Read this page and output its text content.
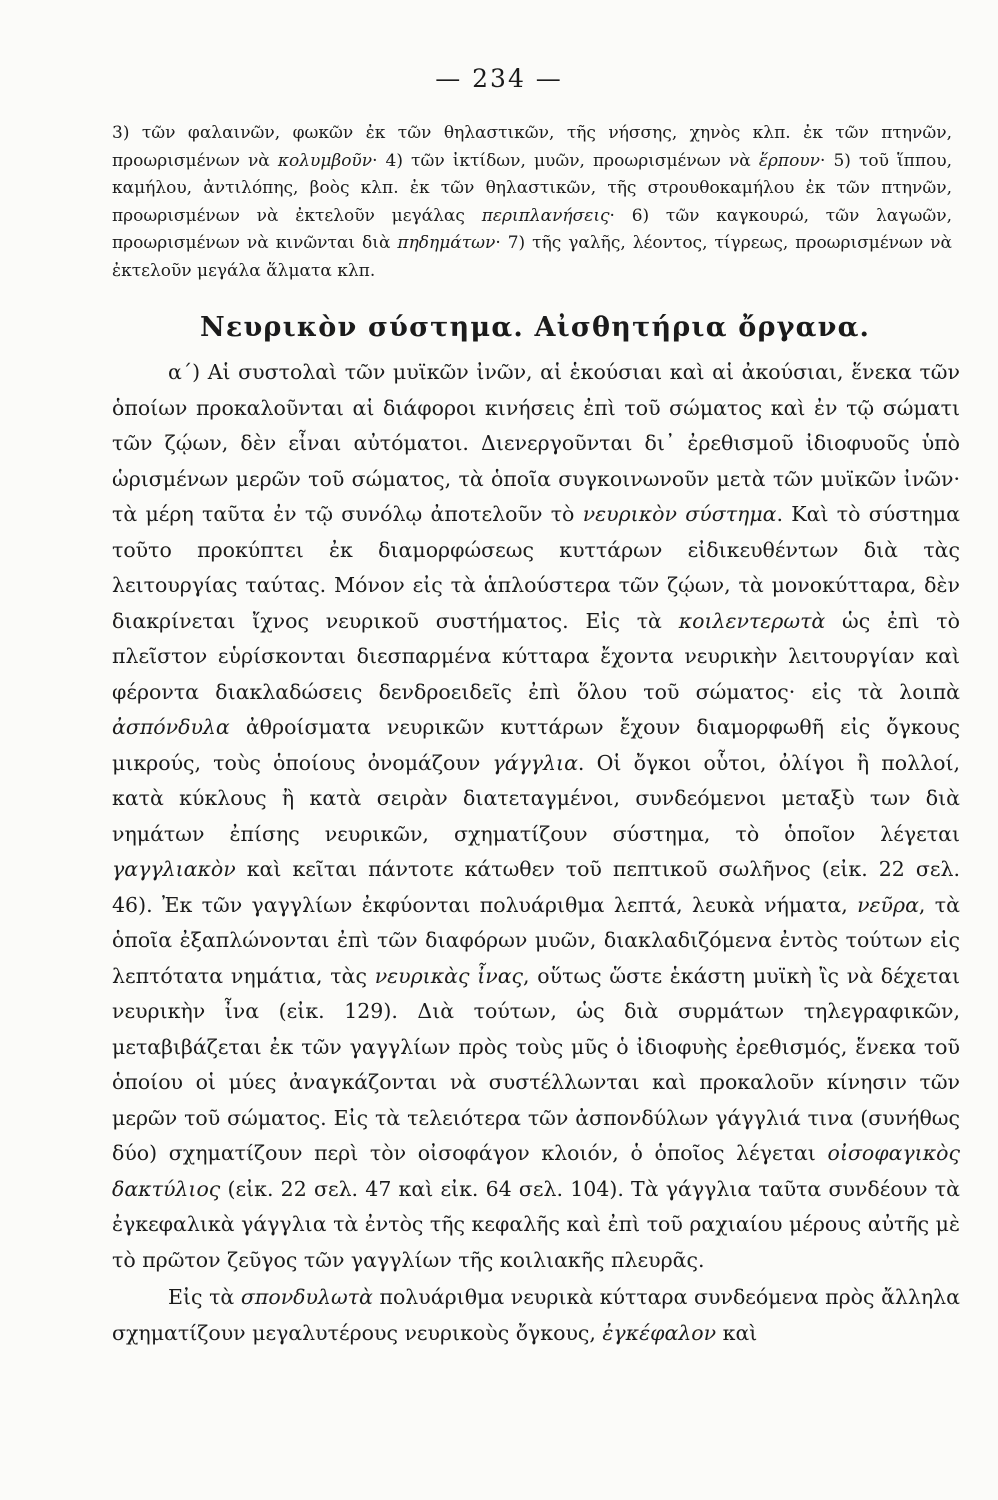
— 234 —

3) τῶν φαλαινῶν, φωκῶν ἐκ τῶν θηλαστικῶν, τῆς νήσσης, χηνὸς κλπ. ἐκ τῶν πτηνῶν, προωρισμένων νὰ κολυμβοῦν· 4) τῶν ἰκτίδων, μυῶν, προωρισμένων νὰ ἕρπουν· 5) τοῦ ἵππου, καμήλου, ἀντιλόπης, βοὸς κλπ. ἐκ τῶν θηλαστικῶν, τῆς στρουθοκαμήλου ἐκ τῶν πτηνῶν, προωρισμένων νὰ ἐκτελοῦν μεγάλας περιπλανήσεις· 6) τῶν καγκουρώ, τῶν λαγωῶν, προωρισμένων νὰ κινῶνται διὰ πηδημάτων· 7) τῆς γαλῆς, λέοντος, τίγρεως, προωρισμένων νὰ ἐκτελοῦν μεγάλα ἅλματα κλπ.

Νευρικὸν σύστημα. Αἰσθητήρια ὄργανα.

α΄) Αἱ συστολαὶ τῶν μυϊκῶν ἰνῶν, αἱ ἑκούσιαι καὶ αἱ ἀκούσιαι, ἕνεκα τῶν ὁποίων προκαλοῦνται αἱ διάφοροι κινήσεις ἐπὶ τοῦ σώματος καὶ ἐν τῷ σώματι τῶν ζῴων, δὲν εἶναι αὐτόματοι. Διενεργοῦνται δι᾽ ἐρεθισμοῦ ἰδιοφυοῦς ὑπὸ ὡρισμένων μερῶν τοῦ σώματος, τὰ ὁποῖα συγκοινωνοῦν μετὰ τῶν μυϊκῶν ἰνῶν· τὰ μέρη ταῦτα ἐν τῷ συνόλῳ ἀποτελοῦν τὸ νευρικὸν σύστημα. Καὶ τὸ σύστημα τοῦτο προκύπτει ἐκ διαμορφώσεως κυττάρων εἰδικευθέντων διὰ τὰς λειτουργίας ταύτας. Μόνον εἰς τὰ ἁπλούστερα τῶν ζῴων, τὰ μονοκύτταρα, δὲν διακρίνεται ἴχνος νευρικοῦ συστήματος. Εἰς τὰ κοιλεντερωτὰ ὡς ἐπὶ τὸ πλεῖστον εὑρίσκονται διεσπαρμένα κύτταρα ἔχοντα νευρικὴν λειτουργίαν καὶ φέροντα διακλαδώσεις δενδροειδεῖς ἐπὶ ὅλου τοῦ σώματος· εἰς τὰ λοιπὰ ἀσπόνδυλα ἀθροίσματα νευρικῶν κυττάρων ἔχουν διαμορφωθῆ εἰς ὄγκους μικρούς, τοὺς ὁποίους ὀνομάζουν γάγγλια. Οἱ ὄγκοι οὗτοι, ὀλίγοι ἢ πολλοί, κατὰ κύκλους ἢ κατὰ σειρὰν διατεταγμένοι, συνδεόμενοι μεταξὺ των διὰ νημάτων ἐπίσης νευρικῶν, σχηματίζουν σύστημα, τὸ ὁποῖον λέγεται γαγγλιακὸν καὶ κεῖται πάντοτε κάτωθεν τοῦ πεπτικοῦ σωλῆνος (εἰκ. 22 σελ. 46). Ἐκ τῶν γαγγλίων ἐκφύονται πολυάριθμα λεπτά, λευκὰ νήματα, νεῦρα, τὰ ὁποῖα ἐξαπλώνονται ἐπὶ τῶν διαφόρων μυῶν, διακλαδιζόμενα ἐντὸς τούτων εἰς λεπτότατα νημάτια, τὰς νευρικὰς ἶνας, οὕτως ὥστε ἑκάστη μυϊκὴ ἲς νὰ δέχεται νευρικὴν ἶνα (εἰκ. 129). Διὰ τούτων, ὡς διὰ συρμάτων τηλεγραφικῶν, μεταβιβάζεται ἐκ τῶν γαγγλίων πρὸς τοὺς μῦς ὁ ἰδιοφυὴς ἐρεθισμός, ἕνεκα τοῦ ὁποίου οἱ μύες ἀναγκάζονται νὰ συστέλλωνται καὶ προκαλοῦν κίνησιν τῶν μερῶν τοῦ σώματος. Εἰς τὰ τελειότερα τῶν ἀσπονδύλων γάγγλιά τινα (συνήθως δύο) σχηματίζουν περὶ τὸν οἰσοφάγον κλοιόν, ὁ ὁποῖος λέγεται οἰσοφαγικὸς δακτύλιος (εἰκ. 22 σελ. 47 καὶ εἰκ. 64 σελ. 104). Τὰ γάγγλια ταῦτα συνδέουν τὰ ἐγκεφαλικὰ γάγγλια τὰ ἐντὸς τῆς κεφαλῆς καὶ ἐπὶ τοῦ ραχιαίου μέρους αὐτῆς μὲ τὸ πρῶτον ζεῦγος τῶν γαγγλίων τῆς κοιλιακῆς πλευρᾶς.

Εἰς τὰ σπονδυλωτὰ πολυάριθμα νευρικὰ κύτταρα συνδεόμενα πρὸς ἄλληλα σχηματίζουν μεγαλυτέρους νευρικοὺς ὄγκους, ἐγκέφαλον καὶ
